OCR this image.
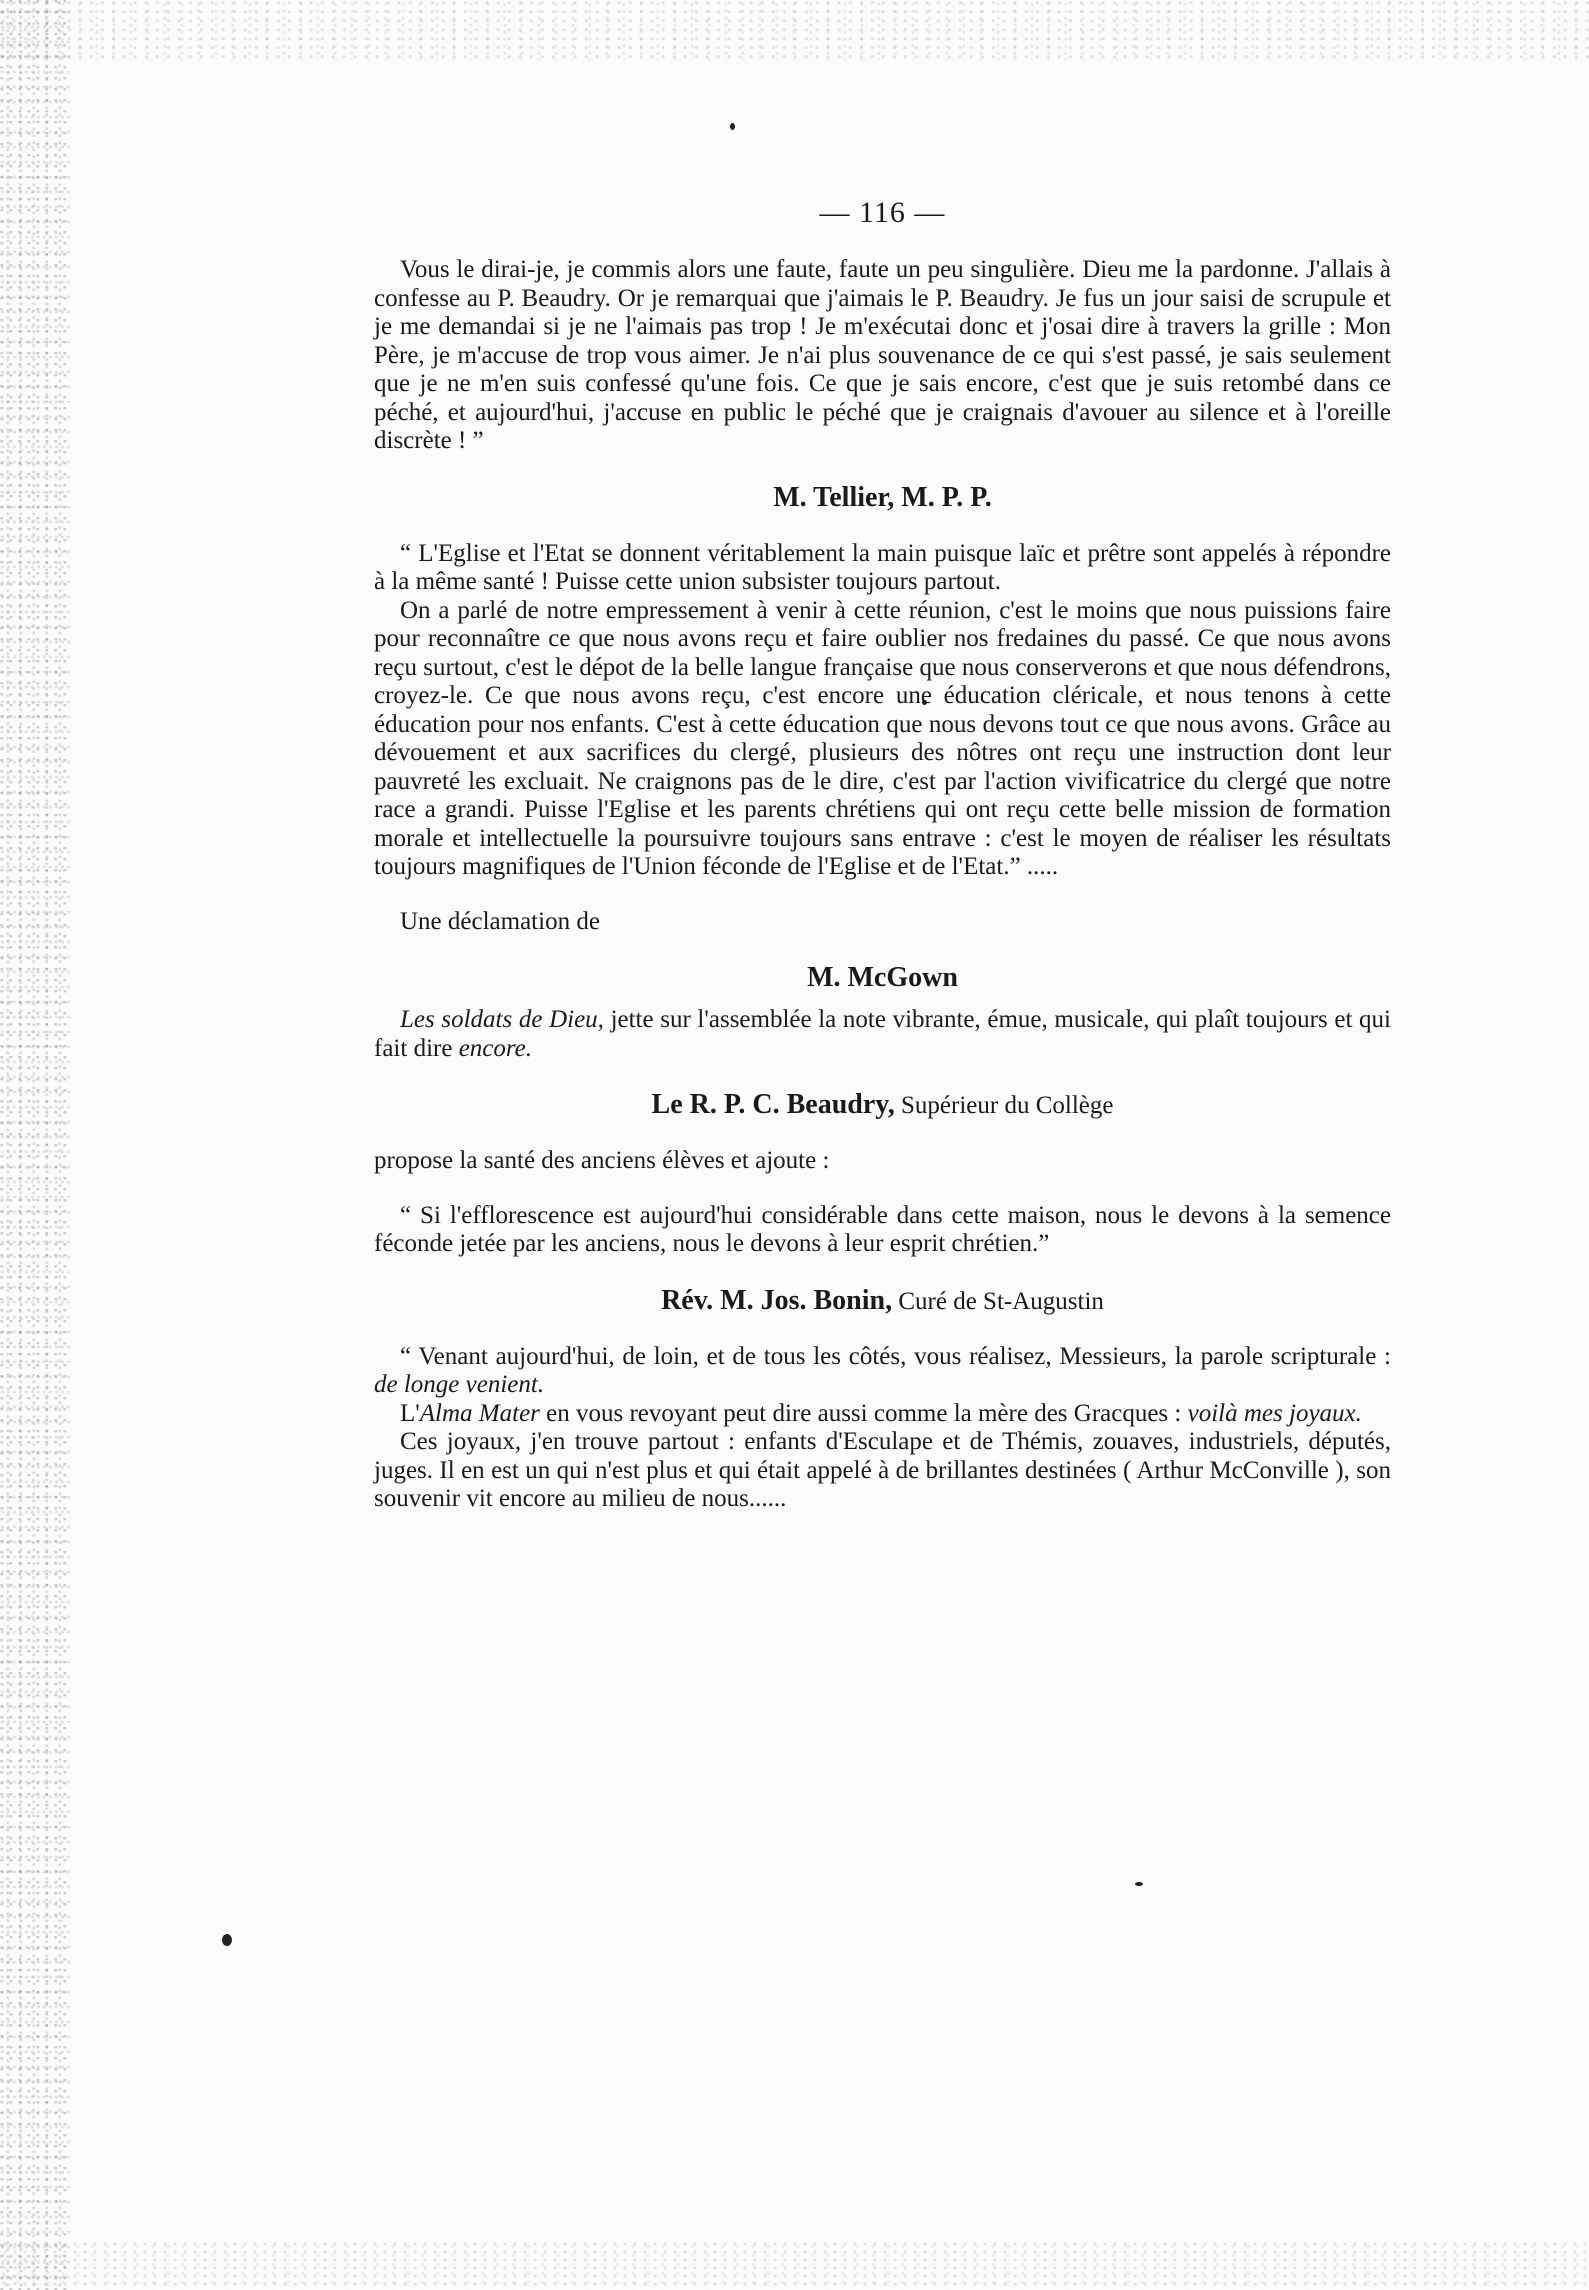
— 116 —

Vous le dirai-je, je commis alors une faute, faute un peu singulière. Dieu me la pardonne. J'allais à confesse au P. Beaudry. Or je remarquai que j'aimais le P. Beaudry. Je fus un jour saisi de scrupule et je me demandai si je ne l'aimais pas trop ! Je m'exécutai donc et j'osai dire à travers la grille : Mon Père, je m'accuse de trop vous aimer. Je n'ai plus souvenance de ce qui s'est passé, je sais seulement que je ne m'en suis confessé qu'une fois. Ce que je sais encore, c'est que je suis retombé dans ce péché, et aujourd'hui, j'accuse en public le péché que je craignais d'avouer au silence et à l'oreille discrète ! ”

M. Tellier, M. P. P.

“ L'Eglise et l'Etat se donnent véritablement la main puisque laïc et prêtre sont appelés à répondre à la même santé ! Puisse cette union subsister toujours partout.

On a parlé de notre empressement à venir à cette réunion, c'est le moins que nous puissions faire pour reconnaître ce que nous avons reçu et faire oublier nos fredaines du passé. Ce que nous avons reçu surtout, c'est le dépot de la belle langue française que nous conserverons et que nous défendrons, croyez-le. Ce que nous avons reçu, c'est encore une éducation cléricale, et nous tenons à cette éducation pour nos enfants. C'est à cette éducation que nous devons tout ce que nous avons. Grâce au dévouement et aux sacrifices du clergé, plusieurs des nôtres ont reçu une instruction dont leur pauvreté les excluait. Ne craignons pas de le dire, c'est par l'action vivificatrice du clergé que notre race a grandi. Puisse l'Eglise et les parents chrétiens qui ont reçu cette belle mission de formation morale et intellectuelle la poursuivre toujours sans entrave : c'est le moyen de réaliser les résultats toujours magnifiques de l'Union féconde de l'Eglise et de l'Etat.” .....

Une déclamation de

M. McGown

Les soldats de Dieu, jette sur l'assemblée la note vibrante, émue, musicale, qui plaît toujours et qui fait dire encore.

Le R. P. C. Beaudry, Supérieur du Collège

propose la santé des anciens élèves et ajoute :

“ Si l'efflorescence est aujourd'hui considérable dans cette maison, nous le devons à la semence féconde jetée par les anciens, nous le devons à leur esprit chrétien.”

Rév. M. Jos. Bonin, Curé de St-Augustin

“ Venant aujourd'hui, de loin, et de tous les côtés, vous réalisez, Messieurs, la parole scripturale : de longe venient.

L'Alma Mater en vous revoyant peut dire aussi comme la mère des Gracques : voilà mes joyaux.

Ces joyaux, j'en trouve partout : enfants d'Esculape et de Thémis, zouaves, industriels, députés, juges. Il en est un qui n'est plus et qui était appelé à de brillantes destinées ( Arthur McConville ), son souvenir vit encore au milieu de nous......
